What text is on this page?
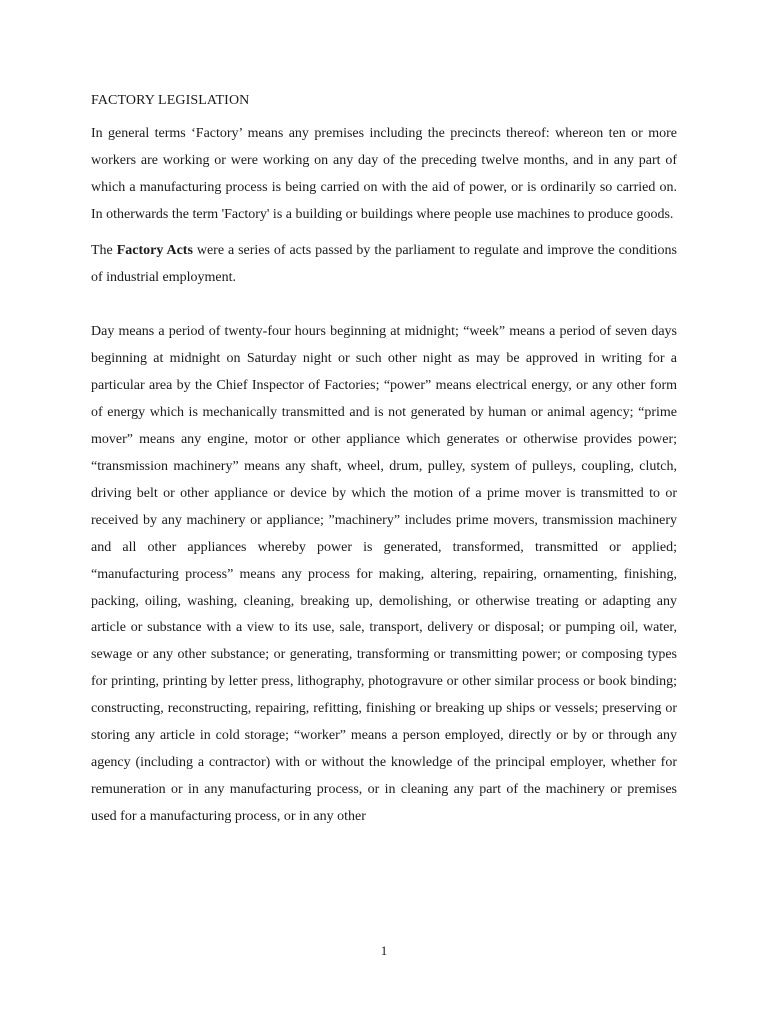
FACTORY LEGISLATION

In general terms ‘Factory’ means any premises including the precincts thereof: whereon ten or more workers are working or were working on any day of the preceding twelve months, and in any part of which a manufacturing process is being carried on with the aid of power, or is ordinarily so carried on. In otherwards the term 'Factory' is a building or buildings where people use machines to produce goods.

The Factory Acts were a series of acts passed by the parliament to regulate and improve the conditions of industrial employment.

Day means a period of twenty-four hours beginning at midnight; “week” means a period of seven days beginning at midnight on Saturday night or such other night as may be approved in writing for a particular area by the Chief Inspector of Factories; “power” means electrical energy, or any other form of energy which is mechanically transmitted and is not generated by human or animal agency; “prime mover” means any engine, motor or other appliance which generates or otherwise provides power; “transmission machinery” means any shaft, wheel, drum, pulley, system of pulleys, coupling, clutch, driving belt or other appliance or device by which the motion of a prime mover is transmitted to or received by any machinery or appliance; ”machinery” includes prime movers, transmission machinery and all other appliances whereby power is generated, transformed, transmitted or applied; “manufacturing process” means any process for making, altering, repairing, ornamenting, finishing, packing, oiling, washing, cleaning, breaking up, demolishing, or otherwise treating or adapting any article or substance with a view to its use, sale, transport, delivery or disposal; or pumping oil, water, sewage or any other substance; or generating, transforming or transmitting power; or composing types for printing, printing by letter press, lithography, photogravure or other similar process or book binding; constructing, reconstructing, repairing, refitting, finishing or breaking up ships or vessels; preserving or storing any article in cold storage; “worker” means a person employed, directly or by or through any agency (including a contractor) with or without the knowledge of the principal employer, whether for remuneration or in any manufacturing process, or in cleaning any part of the machinery or premises used for a manufacturing process, or in any other

1
